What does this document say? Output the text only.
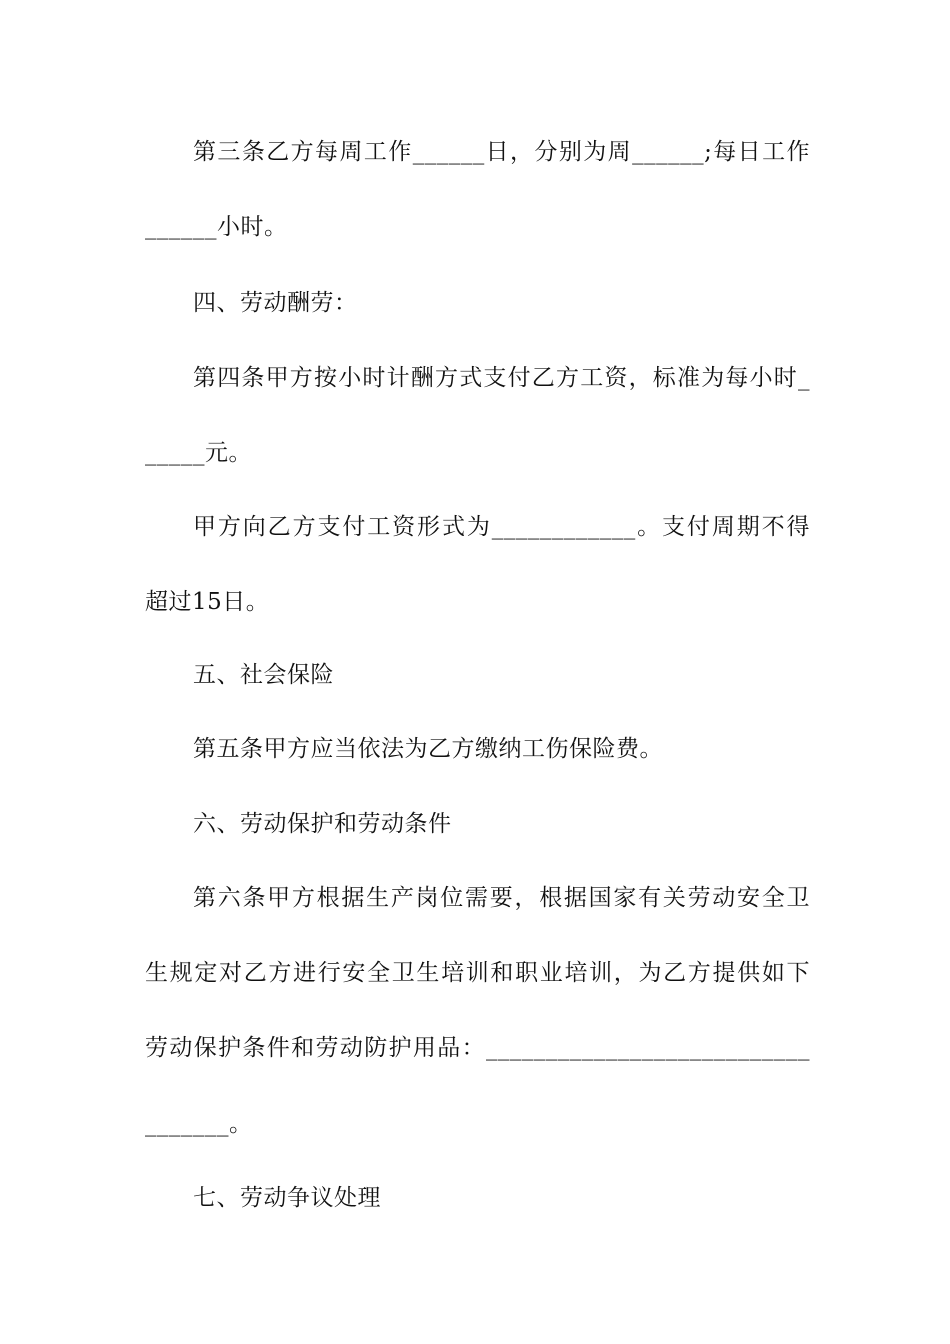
第三条乙方每周工作______日，分别为周______;每日工作
______小时。
四、劳动酬劳：
第四条甲方按小时计酬方式支付乙方工资，标准为每小时_
_____元。
甲方向乙方支付工资形式为____________。支付周期不得
超过15日。
五、社会保险
第五条甲方应当依法为乙方缴纳工伤保险费。
六、劳动保护和劳动条件
第六条甲方根据生产岗位需要，根据国家有关劳动安全卫
生规定对乙方进行安全卫生培训和职业培训，为乙方提供如下
劳动保护条件和劳动防护用品：___________________________
_______。
七、劳动争议处理
